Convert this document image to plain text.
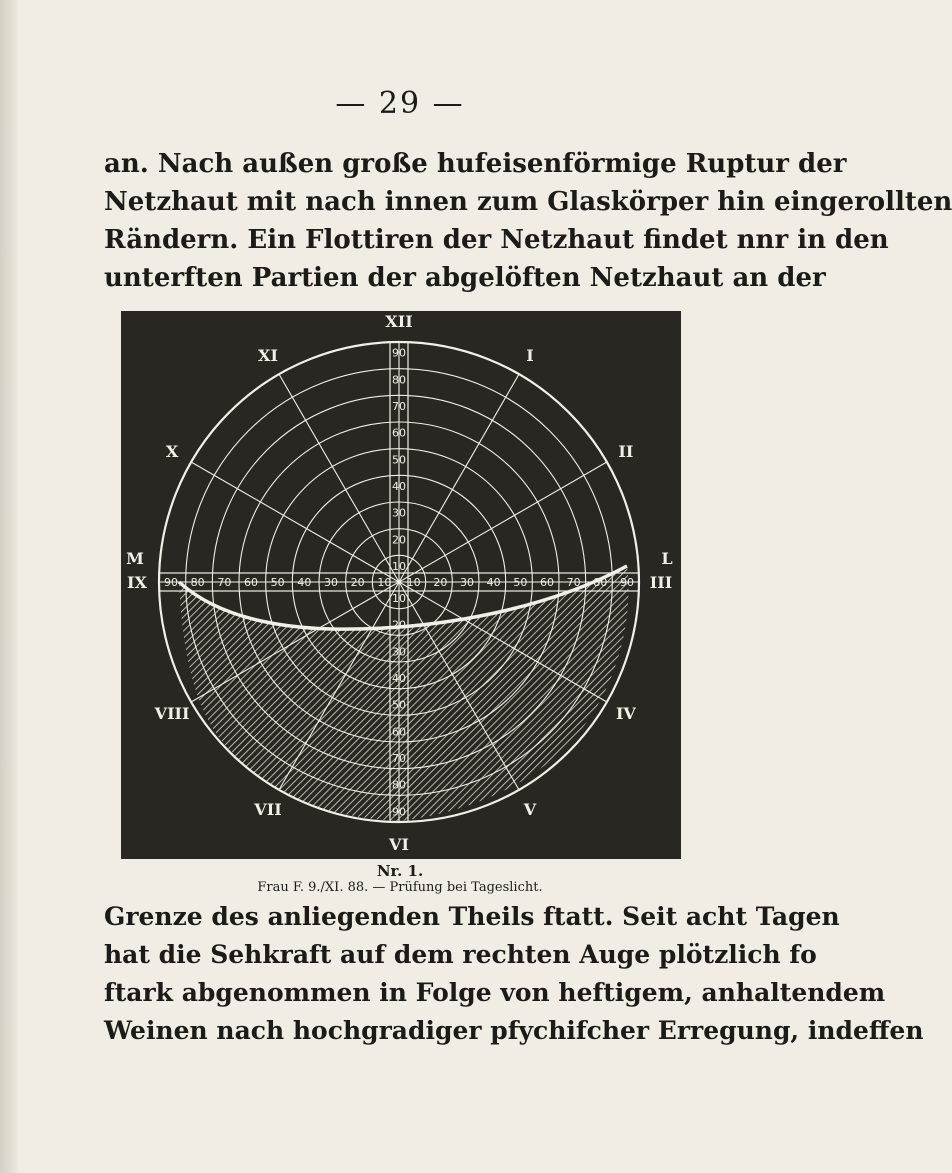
— 29 —
an. Nach außen große hufeisenförmige Ruptur der
Netzhaut mit nach innen zum Glaskörper hin eingerollten
Rändern. Ein Flottiren der Netzhaut findet nnr in den
unterften Partien der abgelöften Netzhaut an der
90
80
70
60
50
40
30
20
10
10
20
30
40
50
60
70
80
90
90 80 70 60 50 40 30 20 10 10 20 30 40 50 60 70 80 90
XII
I
II
III
IV
V
VI
VII
VIII
IX
X
XI
M	L
Nr. 1.
Frau F. 9./XI. 88. — Prüfung bei Tageslicht.
Grenze des anliegenden Theils ftatt. Seit acht Tagen
hat die Sehkraft auf dem rechten Auge plötzlich fo
ftark abgenommen in Folge von heftigem, anhaltendem
Weinen nach hochgradiger pfychifcher Erregung, indeffen
